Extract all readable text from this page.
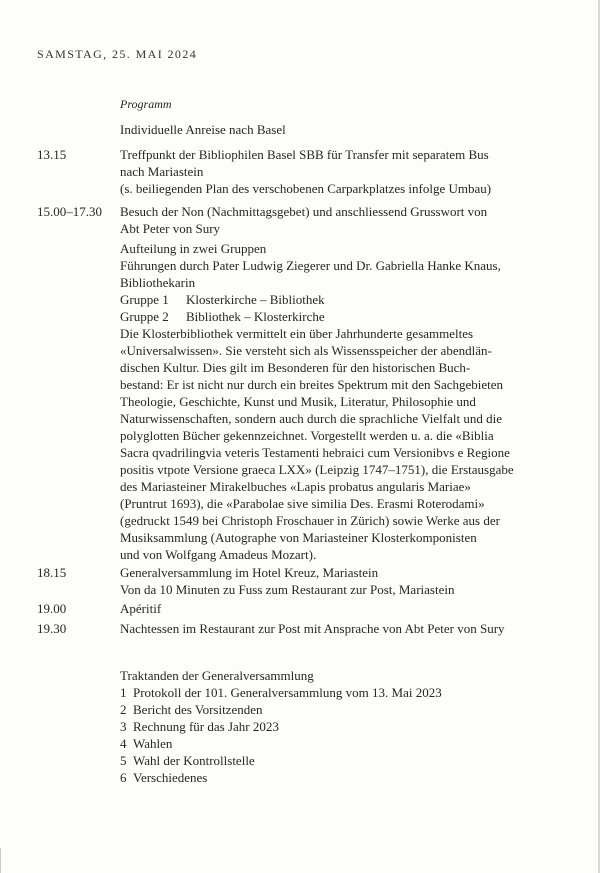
SAMSTAG, 25. MAI 2024
Programm
Individuelle Anreise nach Basel
13.15	Treffpunkt der Bibliophilen Basel SBB für Transfer mit separatem Bus
nach Mariastein
(s. beiliegenden Plan des verschobenen Carparkplatzes infolge Umbau)
15.00–17.30 Besuch der Non (Nachmittagsgebet) und anschliessend Grusswort von
Abt Peter von Sury
Aufteilung in zwei Gruppen
Führungen durch Pater Ludwig Ziegerer und Dr. Gabriella Hanke Knaus,
Bibliothekarin
Gruppe 1	Klosterkirche – Bibliothek
Gruppe 2	Bibliothek – Klosterkirche
Die Klosterbibliothek vermittelt ein über Jahrhunderte gesammeltes
«Universalwissen». Sie versteht sich als Wissensspeicher der abendlän-
dischen Kultur. Dies gilt im Besonderen für den historischen Buch-
bestand: Er ist nicht nur durch ein breites Spektrum mit den Sachgebieten
Theologie, Geschichte, Kunst und Musik, Literatur, Philosophie und
Naturwissenschaften, sondern auch durch die sprachliche Vielfalt und die
polyglotten Bücher gekennzeichnet. Vorgestellt werden u. a. die «Biblia
Sacra qvadrilingvia veteris Testamenti hebraici cum Versionibvs e Regione
positis vtpote Versione graeca LXX» (Leipzig 1747–1751), die Erstausgabe
des Mariasteiner Mirakelbuches «Lapis probatus angularis Mariae»
(Pruntrut 1693), die «Parabolae sive similia Des. Erasmi Roterodami»
(gedruckt 1549 bei Christoph Froschauer in Zürich) sowie Werke aus der
Musiksammlung (Autographe von Mariasteiner Klosterkomponisten
und von Wolfgang Amadeus Mozart).
18.15	Generalversammlung im Hotel Kreuz, Mariastein
Von da 10 Minuten zu Fuss zum Restaurant zur Post, Mariastein
19.00	Apéritif
19.30	Nachtessen im Restaurant zur Post mit Ansprache von Abt Peter von Sury
Traktanden der Generalversammlung
1 Protokoll der 101. Generalversammlung vom 13. Mai 2023
2 Bericht des Vorsitzenden
3 Rechnung für das Jahr 2023
4 Wahlen
5 Wahl der Kontrollstelle
6 Verschiedenes
